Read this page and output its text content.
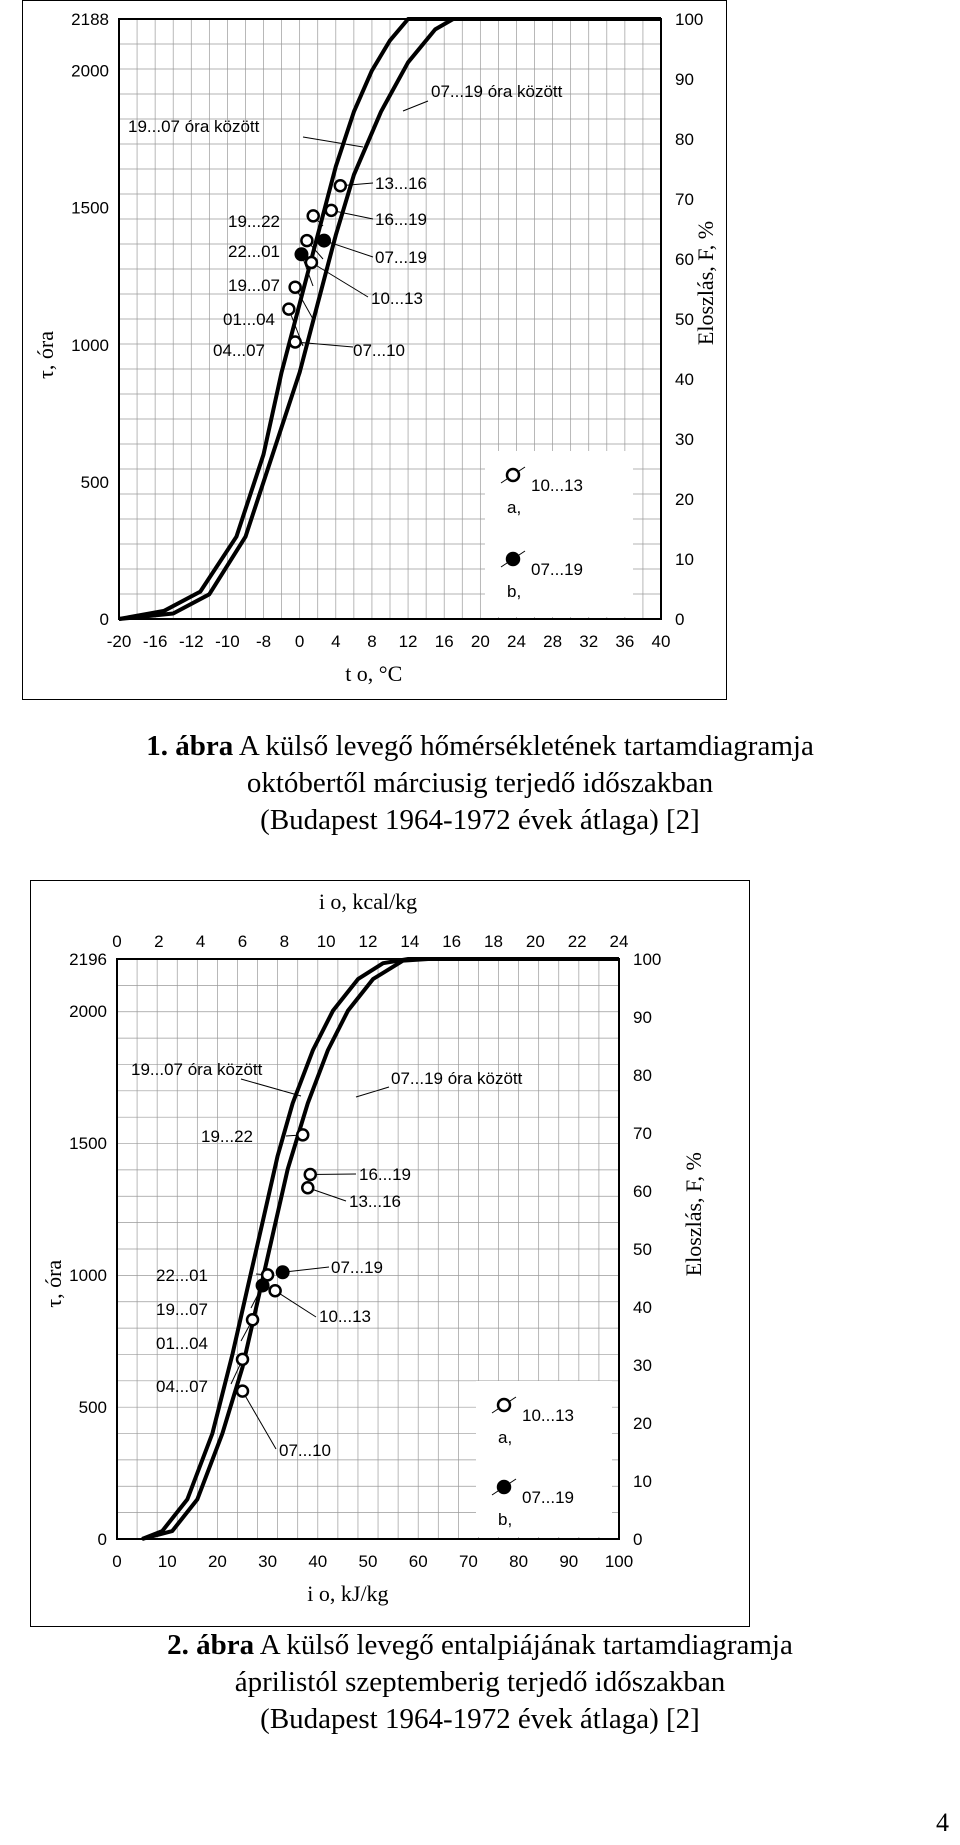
-20 -16 -12 -10 -8 0 4 8 12 16 20 24 28 32 36 40
0
500
1000
1500
2000
2188
0
10
20
30
40
50
60
70
80
90
100
τ, óra
Eloszlás, F, %
t o, °C
19...07 óra között
07...19 óra között
13...16
19...22	16...19
22...01
10...13
01...04
04...07	07...10
19...07
07...19
10...13
a,
07...19
b,
1. ábra A külső levegő hőmérsékletének tartamdiagramja
októbertől márciusig terjedő időszakban
(Budapest 1964-1972 évek átlaga) [2]
0 10 20 30 40 50 60 70 80 90 100
0 2 4 6 8 10 12 14 16 18 20 22 24
i o, kcal/kg
0
500
1000
1500
2000
2196
0
10
20
30
40
50
60
70
80
90
100
τ, óra
Eloszlás, F, %
i o, kJ/kg
19...07 óra között	07...19 óra között
19...22
16...19
13...16
22...01
10...13
01...04
04...07
07...10
19...07
07...19
10...13
a,
07...19
b,
2. ábra A külső levegő entalpiájának tartamdiagramja
áprilistól szeptemberig terjedő időszakban
(Budapest 1964-1972 évek átlaga) [2]
4
